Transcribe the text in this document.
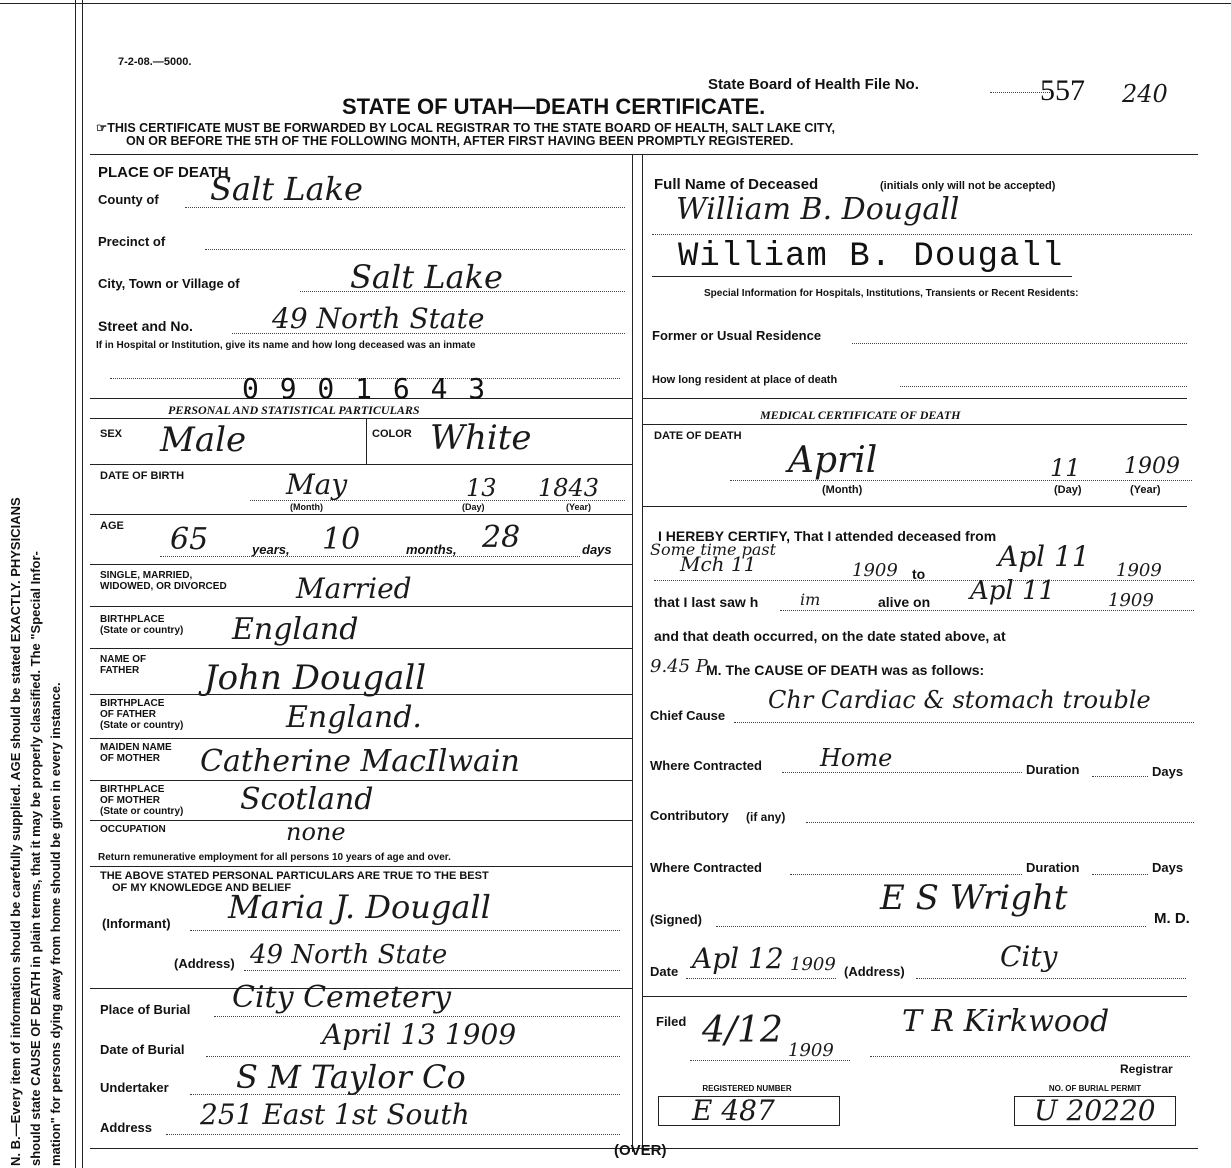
N. B.—Every item of information should be carefully supplied. AGE should be stated EXACTLY. PHYSICIANS should state CAUSE OF DEATH in plain terms, that it may be properly classified. The "Special Infor- mation" for persons dying away from home should be given in every instance.
7-2-08.—5000.
State Board of Health File No.	557 240
STATE OF UTAH—DEATH CERTIFICATE.
☞THIS CERTIFICATE MUST BE FORWARDED BY LOCAL REGISTRAR TO THE STATE BOARD OF HEALTH, SALT LAKE CITY,
ON OR BEFORE THE 5TH OF THE FOLLOWING MONTH, AFTER FIRST HAVING BEEN PROMPTLY REGISTERED.
PLACE OF DEATH
County of Salt Lake
Precinct of
City, Town or Village of	Salt Lake
Street and No.	49 North State
If in Hospital or Institution, give its name and how long deceased was an inmate
0 9 0 1 6 4 3
Full Name of Deceased	(initials only will not be accepted)
William B. Dougall
William B. Dougall
Special Information for Hospitals, Institutions, Transients or Recent Residents:
Former or Usual Residence
How long resident at place of death
PERSONAL AND STATISTICAL PARTICULARS	MEDICAL CERTIFICATE OF DEATH
SEX Male	COLOR White
DATE OF BIRTH	May	13 1843
(Month)	(Day)	(Year)
AGE 65	years, 10	months, 28	days
SINGLE, MARRIED,
WIDOWED, OR DIVORCED Married
BIRTHPLACE
(State or country) England
NAME OF
FATHER John Dougall
BIRTHPLACE
OF FATHER
(State or country)	England.
MAIDEN NAME
OF MOTHER	Catherine MacIlwain
BIRTHPLACE
OF MOTHER
(State or country) Scotland
OCCUPATION	none
Return remunerative employment for all persons 10 years of age and over.
THE ABOVE STATED PERSONAL PARTICULARS ARE TRUE TO THE BEST
OF MY KNOWLEDGE AND BELIEF
(Informant) Maria J. Dougall
(Address) 49 North State
Place of Burial City Cemetery
Date of Burial	April 13 1909
Undertaker S M Taylor Co
Address 251 East 1st South
DATE OF DEATH
April	11 1909
(Month)	(Day)	(Year)
I HEREBY CERTIFY, That I attended deceased from
Some time past
Mch 11	1909 to
Apl 11 1909
that I last saw h	im	alive on Apl 11	1909
and that death occurred, on the date stated above, at
9.45 P
M. The CAUSE OF DEATH was as follows:
Chief Cause
Chr Cardiac & stomach trouble
Where Contracted Home	Duration	Days
Contributory (if any)
Where Contracted	Duration	Days
(Signed)
E S Wright
M. D.
Date Apl 12 1909 (Address)	City
Filed 4/12 1909
T R Kirkwood
Registrar
REGISTERED NUMBER
E 487
NO. OF BURIAL PERMIT
U 20220
(OVER)
